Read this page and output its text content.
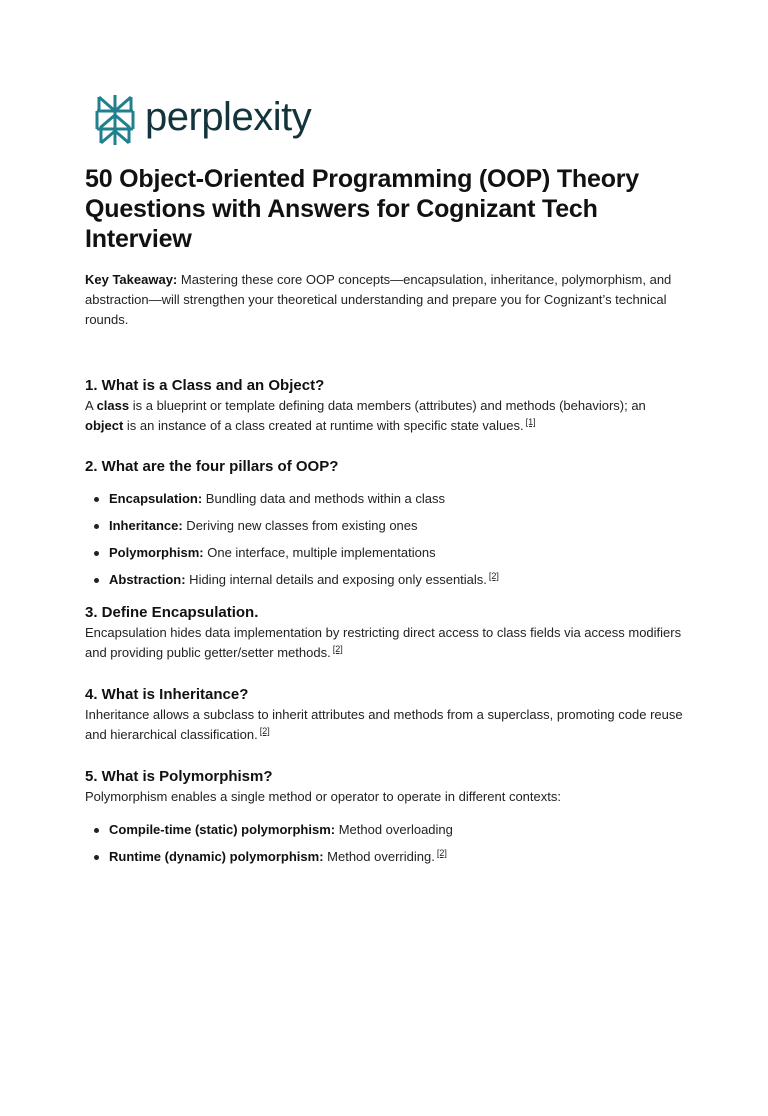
perplexity
50 Object-Oriented Programming (OOP) Theory Questions with Answers for Cognizant Tech Interview

Key Takeaway: Mastering these core OOP concepts—encapsulation, inheritance, polymorphism, and abstraction—will strengthen your theoretical understanding and prepare you for Cognizant’s technical rounds.

1. What is a Class and an Object?

A class is a blueprint or template defining data members (attributes) and methods (behaviors); an object is an instance of a class created at runtime with specific state values. [1]

2. What are the four pillars of OOP?
Encapsulation: Bundling data and methods within a class
Inheritance: Deriving new classes from existing ones
Polymorphism: One interface, multiple implementations
Abstraction: Hiding internal details and exposing only essentials. [2]
3. Define Encapsulation.

Encapsulation hides data implementation by restricting direct access to class fields via access modifiers and providing public getter/setter methods. [2]

4. What is Inheritance?

Inheritance allows a subclass to inherit attributes and methods from a superclass, promoting code reuse and hierarchical classification. [2]

5. What is Polymorphism?

Polymorphism enables a single method or operator to operate in different contexts:

Compile-time (static) polymorphism: Method overloading
Runtime (dynamic) polymorphism: Method overriding. [2]
